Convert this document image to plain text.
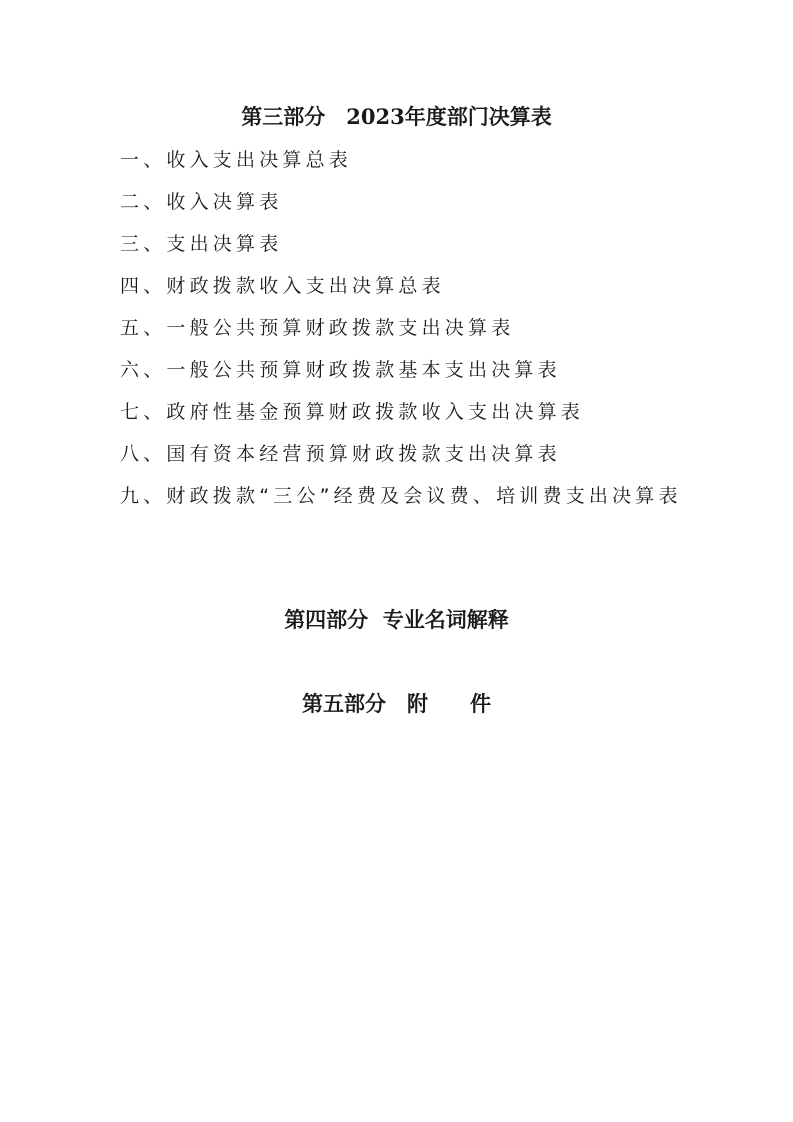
第三部分　2023年度部门决算表
一、收入支出决算总表
二、收入决算表
三、支出决算表
四、财政拨款收入支出决算总表
五、一般公共预算财政拨款支出决算表
六、一般公共预算财政拨款基本支出决算表
七、政府性基金预算财政拨款收入支出决算表
八、国有资本经营预算财政拨款支出决算表
九、财政拨款“三公”经费及会议费、培训费支出决算表
第四部分  专业名词解释
第五部分　附　　件
